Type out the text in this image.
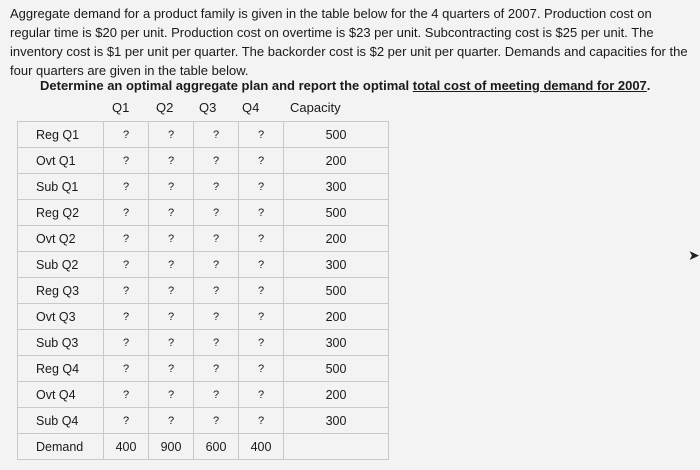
Aggregate demand for a product family is given in the table below for the 4 quarters of 2007. Production cost on regular time is $20 per unit. Production cost on overtime is $23 per unit. Subcontracting cost is $25 per unit. The inventory cost is $1 per unit per quarter. The backorder cost is $2 per unit per quarter. Demands and capacities for the four quarters are given in the table below.

Determine an optimal aggregate plan and report the optimal total cost of meeting demand for 2007.

Q1 Q2 Q3 Q4 Capacity
Reg Q1	?	?	?	?	500
Ovt Q1	?	?	?	?	200
Sub Q1	?	?	?	?	300
Reg Q2	?	?	?	?	500
Ovt Q2	?	?	?	?	200
Sub Q2	?	?	?	?	300
Reg Q3	?	?	?	?	500
Ovt Q3	?	?	?	?	200
Sub Q3	?	?	?	?	300
Reg Q4	?	?	?	?	500
Ovt Q4	?	?	?	?	200
Sub Q4	?	?	?	?	300
Demand	400	900	600	400	
➤
